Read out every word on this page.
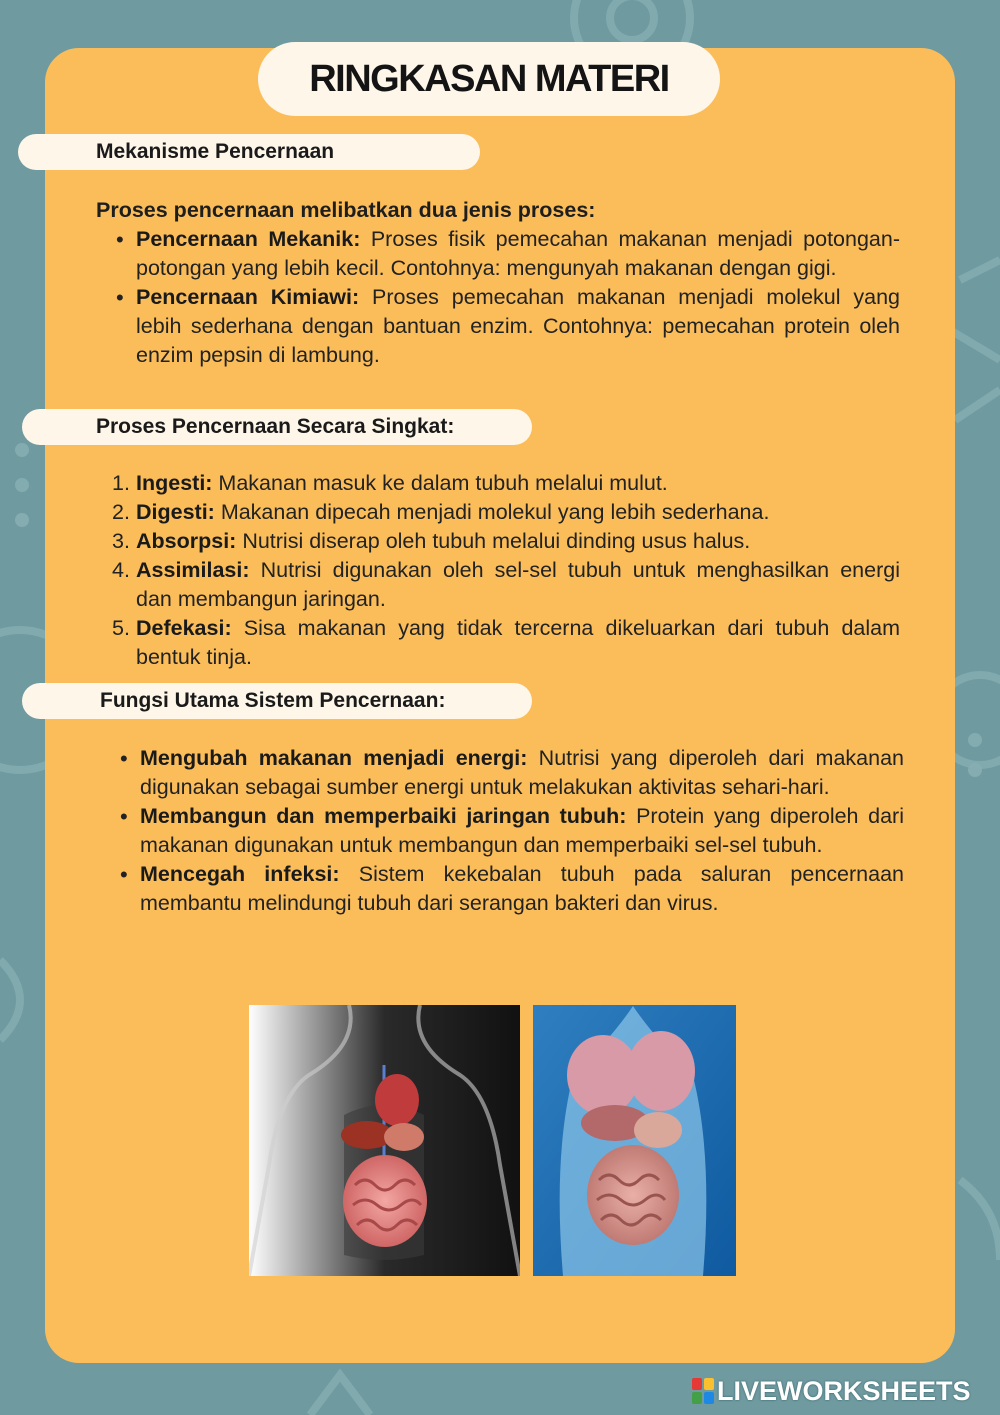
RINGKASAN MATERI
Mekanisme Pencernaan

Proses pencernaan melibatkan dua jenis proses:

• Pencernaan Mekanik: Proses fisik pemecahan makanan menjadi potongan-potongan yang lebih kecil. Contohnya: mengunyah makanan dengan gigi.
• Pencernaan Kimiawi: Proses pemecahan makanan menjadi molekul yang lebih sederhana dengan bantuan enzim. Contohnya: pemecahan protein oleh enzim pepsin di lambung.
Proses Pencernaan Secara Singkat:
1. Ingesti: Makanan masuk ke dalam tubuh melalui mulut.
2. Digesti: Makanan dipecah menjadi molekul yang lebih sederhana.
3. Absorpsi: Nutrisi diserap oleh tubuh melalui dinding usus halus.
4. Assimilasi: Nutrisi digunakan oleh sel-sel tubuh untuk menghasilkan energi dan membangun jaringan.
5. Defekasi: Sisa makanan yang tidak tercerna dikeluarkan dari tubuh dalam bentuk tinja.
Fungsi Utama Sistem Pencernaan:
• Mengubah makanan menjadi energi: Nutrisi yang diperoleh dari makanan digunakan sebagai sumber energi untuk melakukan aktivitas sehari-hari.
• Membangun dan memperbaiki jaringan tubuh: Protein yang diperoleh dari makanan digunakan untuk membangun dan memperbaiki sel-sel tubuh.
• Mencegah infeksi: Sistem kekebalan tubuh pada saluran pencernaan membantu melindungi tubuh dari serangan bakteri dan virus.
LIVEWORKSHEETS
